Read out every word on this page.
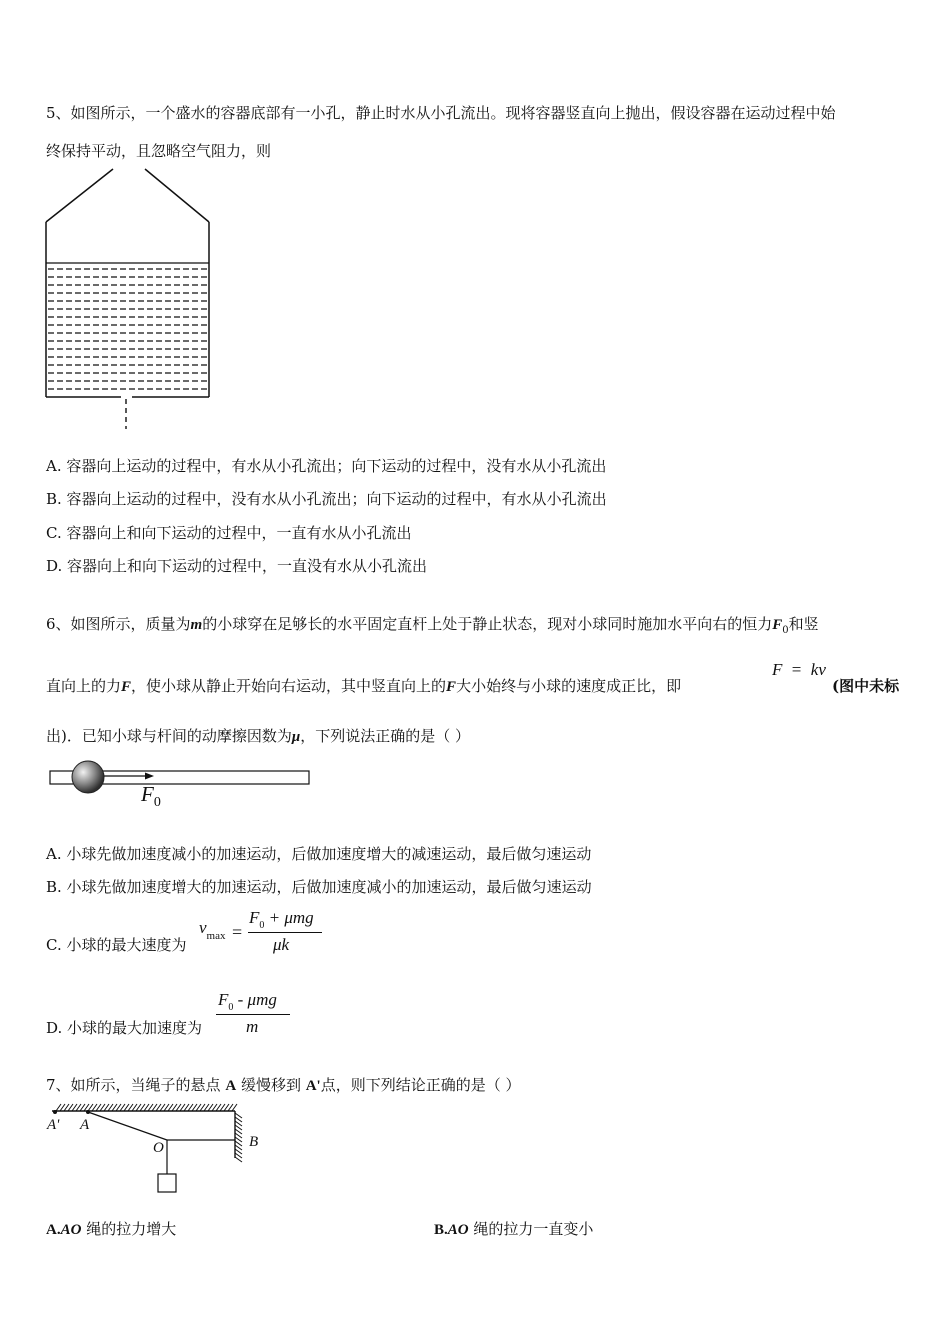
5、如图所示，一个盛水的容器底部有一小孔，静止时水从小孔流出。现将容器竖直向上抛出，假设容器在运动过程中始
终保持平动，且忽略空气阻力，则
A. 容器向上运动的过程中，有水从小孔流出；向下运动的过程中，没有水从小孔流出
B. 容器向上运动的过程中，没有水从小孔流出；向下运动的过程中，有水从小孔流出
C. 容器向上和向下运动的过程中，一直有水从小孔流出
D. 容器向上和向下运动的过程中，一直没有水从小孔流出
6、如图所示，质量为m的小球穿在足够长的水平固定直杆上处于静止状态，现对小球同时施加水平向右的恒力$F_0$和竖
直向上的力F，使小球从静止开始向右运动，其中竖直向上的F大小始终与小球的速度成正比，即
F = kv
(图中未标
出)．已知小球与杆间的动摩擦因数为μ，下列说法正确的是（ ）
$F_0$
A. 小球先做加速度减小的加速运动，后做加速度增大的减速运动，最后做匀速运动
B. 小球先做加速度增大的加速运动，后做加速度减小的加速运动，最后做匀速运动
C. 小球的最大速度为
$v_{max}$ =
$F_0 + \mu mg$
μk
D. 小球的最大加速度为
$F_0$ - μmg
m
7、如所示，当绳子的悬点 A 缓慢移到 A'点，则下列结论正确的是（ ）
A' A
O	B
A.AO 绳的拉力增大	B.AO 绳的拉力一直变小
